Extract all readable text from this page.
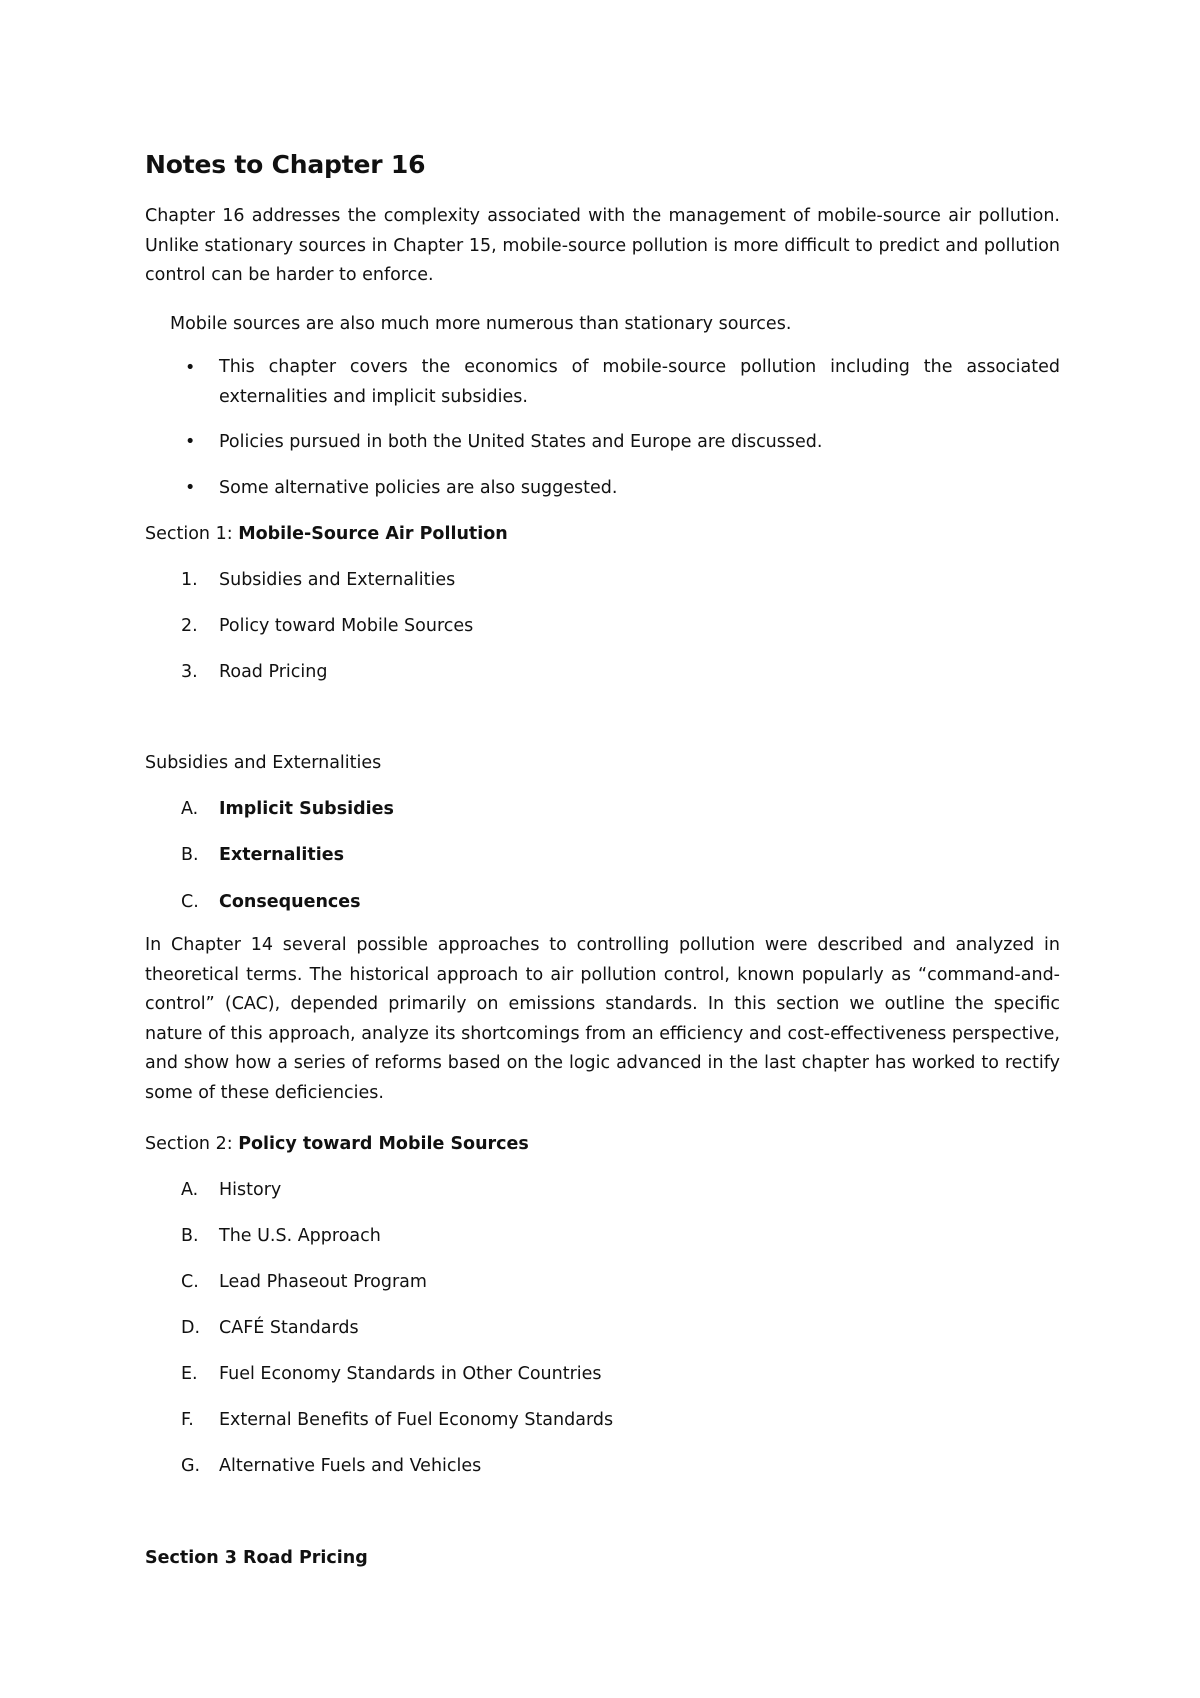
Notes to Chapter 16

Chapter 16 addresses the complexity associated with the management of mobile-source air pollution. Unlike stationary sources in Chapter 15, mobile-source pollution is more difficult to predict and pollution control can be harder to enforce.

Mobile sources are also much more numerous than stationary sources.

• This chapter covers the economics of mobile-source pollution including the associated externalities and implicit subsidies.
• Policies pursued in both the United States and Europe are discussed.
• Some alternative policies are also suggested.

Section 1: Mobile-Source Air Pollution

1.	Subsidies and Externalities
2.	Policy toward Mobile Sources
3.	Road Pricing

Subsidies and Externalities

A.	Implicit Subsidies
B.	Externalities
C.	Consequences

In Chapter 14 several possible approaches to controlling pollution were described and analyzed in theoretical terms. The historical approach to air pollution control, known popularly as “command-and-control” (CAC), depended primarily on emissions standards. In this section we outline the specific nature of this approach, analyze its shortcomings from an efficiency and cost-effectiveness perspective, and show how a series of reforms based on the logic advanced in the last chapter has worked to rectify some of these deficiencies.

Section 2: Policy toward Mobile Sources

A.	History
B.	The U.S. Approach
C.	Lead Phaseout Program
D. CAFÉ Standards
E.	Fuel Economy Standards in Other Countries
F.	External Benefits of Fuel Economy Standards
G. Alternative Fuels and Vehicles

Section 3 Road Pricing
